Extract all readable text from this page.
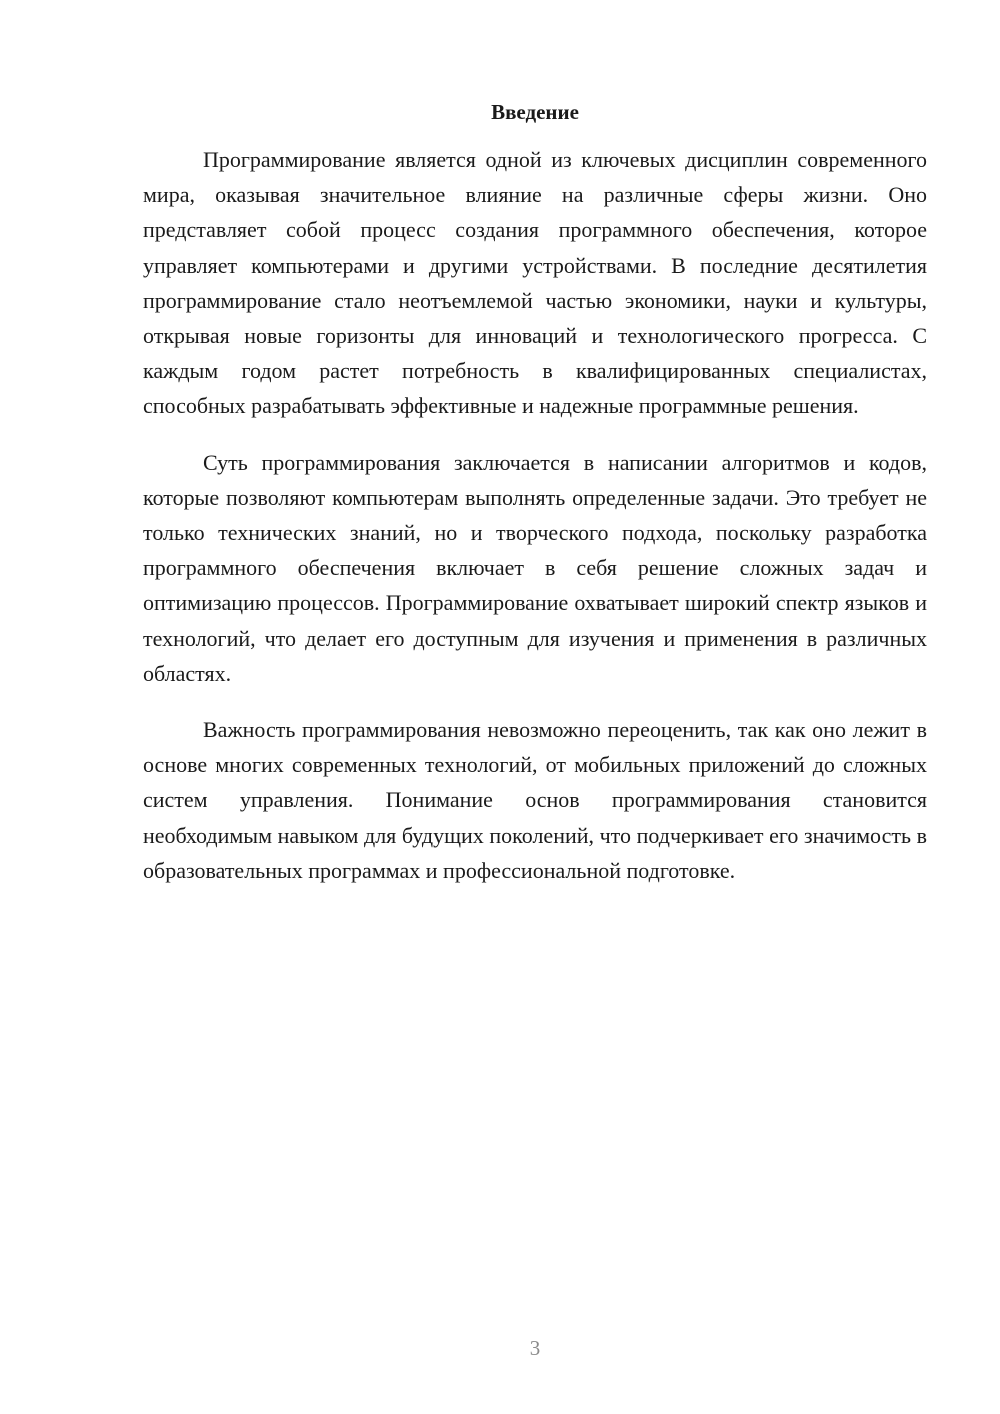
Введение

Программирование является одной из ключевых дисциплин современного мира, оказывая значительное влияние на различные сферы жизни. Оно представляет собой процесс создания программного обеспечения, которое управляет компьютерами и другими устройствами. В последние десятилетия программирование стало неотъемлемой частью экономики, науки и культуры, открывая новые горизонты для инноваций и технологического прогресса. С каждым годом растет потребность в квалифицированных специалистах, способных разрабатывать эффективные и надежные программные решения.

Суть программирования заключается в написании алгоритмов и кодов, которые позволяют компьютерам выполнять определенные задачи. Это требует не только технических знаний, но и творческого подхода, поскольку разработка программного обеспечения включает в себя решение сложных задач и оптимизацию процессов. Программирование охватывает широкий спектр языков и технологий, что делает его доступным для изучения и применения в различных областях.

Важность программирования невозможно переоценить, так как оно лежит в основе многих современных технологий, от мобильных приложений до сложных систем управления. Понимание основ программирования становится необходимым навыком для будущих поколений, что подчеркивает его значимость в образовательных программах и профессиональной подготовке.

3
